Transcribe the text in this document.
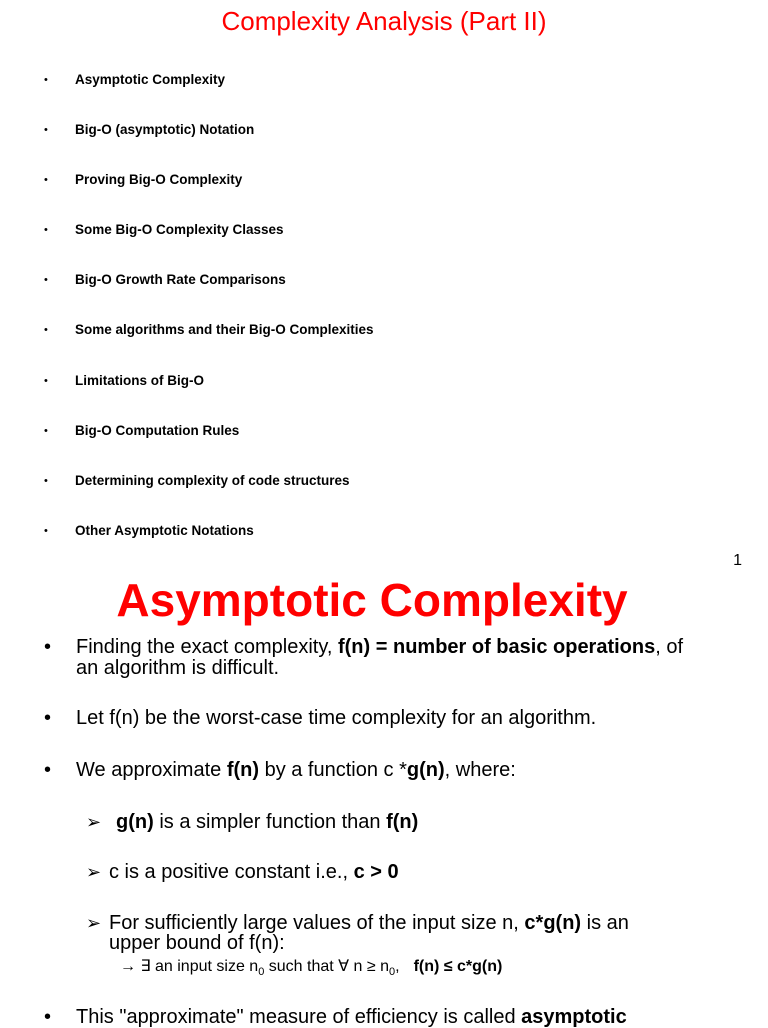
Complexity Analysis (Part II)
• Asymptotic Complexity
• Big-O (asymptotic) Notation
• Proving Big-O Complexity
• Some Big-O Complexity Classes
• Big-O Growth Rate Comparisons
• Some algorithms and their Big-O Complexities
• Limitations of Big-O
• Big-O Computation Rules
• Determining complexity of code structures
• Other Asymptotic Notations
1
Asymptotic Complexity
• Finding the exact complexity, f(n) = number of basic operations, of
an algorithm is difficult.
• Let f(n) be the worst-case time complexity for an algorithm.
• We approximate f(n) by a function c *g(n), where:
➢ g(n) is a simpler function than f(n)
➢ c is a positive constant i.e., c > 0
➢ For sufficiently large values of the input size n, c*g(n) is an
upper bound of f(n):
→ ∃ an input size $n_0$ such that ∀ $n \ge n_0$, f(n) ≤ c*g(n)
• This "approximate" measure of efficiency is called asymptotic
